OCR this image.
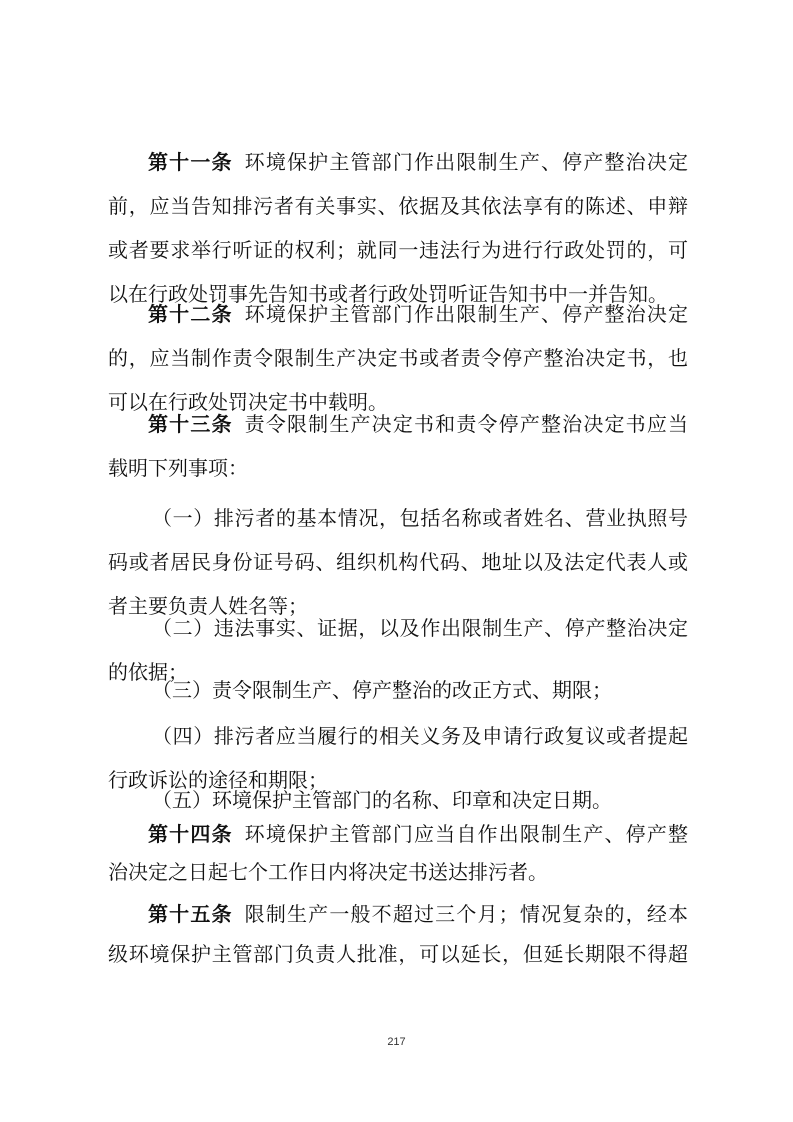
第十一条 环境保护主管部门作出限制生产、停产整治决定
前，应当告知排污者有关事实、依据及其依法享有的陈述、申辩
或者要求举行听证的权利；就同一违法行为进行行政处罚的，可
以在行政处罚事先告知书或者行政处罚听证告知书中一并告知。
第十二条 环境保护主管部门作出限制生产、停产整治决定
的，应当制作责令限制生产决定书或者责令停产整治决定书，也
可以在行政处罚决定书中载明。
第十三条 责令限制生产决定书和责令停产整治决定书应当
载明下列事项：
（一）排污者的基本情况，包括名称或者姓名、营业执照号
码或者居民身份证号码、组织机构代码、地址以及法定代表人或
者主要负责人姓名等；
（二）违法事实、证据，以及作出限制生产、停产整治决定
的依据；
（三）责令限制生产、停产整治的改正方式、期限；
（四）排污者应当履行的相关义务及申请行政复议或者提起
行政诉讼的途径和期限；
（五）环境保护主管部门的名称、印章和决定日期。
第十四条 环境保护主管部门应当自作出限制生产、停产整
治决定之日起七个工作日内将决定书送达排污者。
第十五条 限制生产一般不超过三个月；情况复杂的，经本
级环境保护主管部门负责人批准，可以延长，但延长期限不得超
217
